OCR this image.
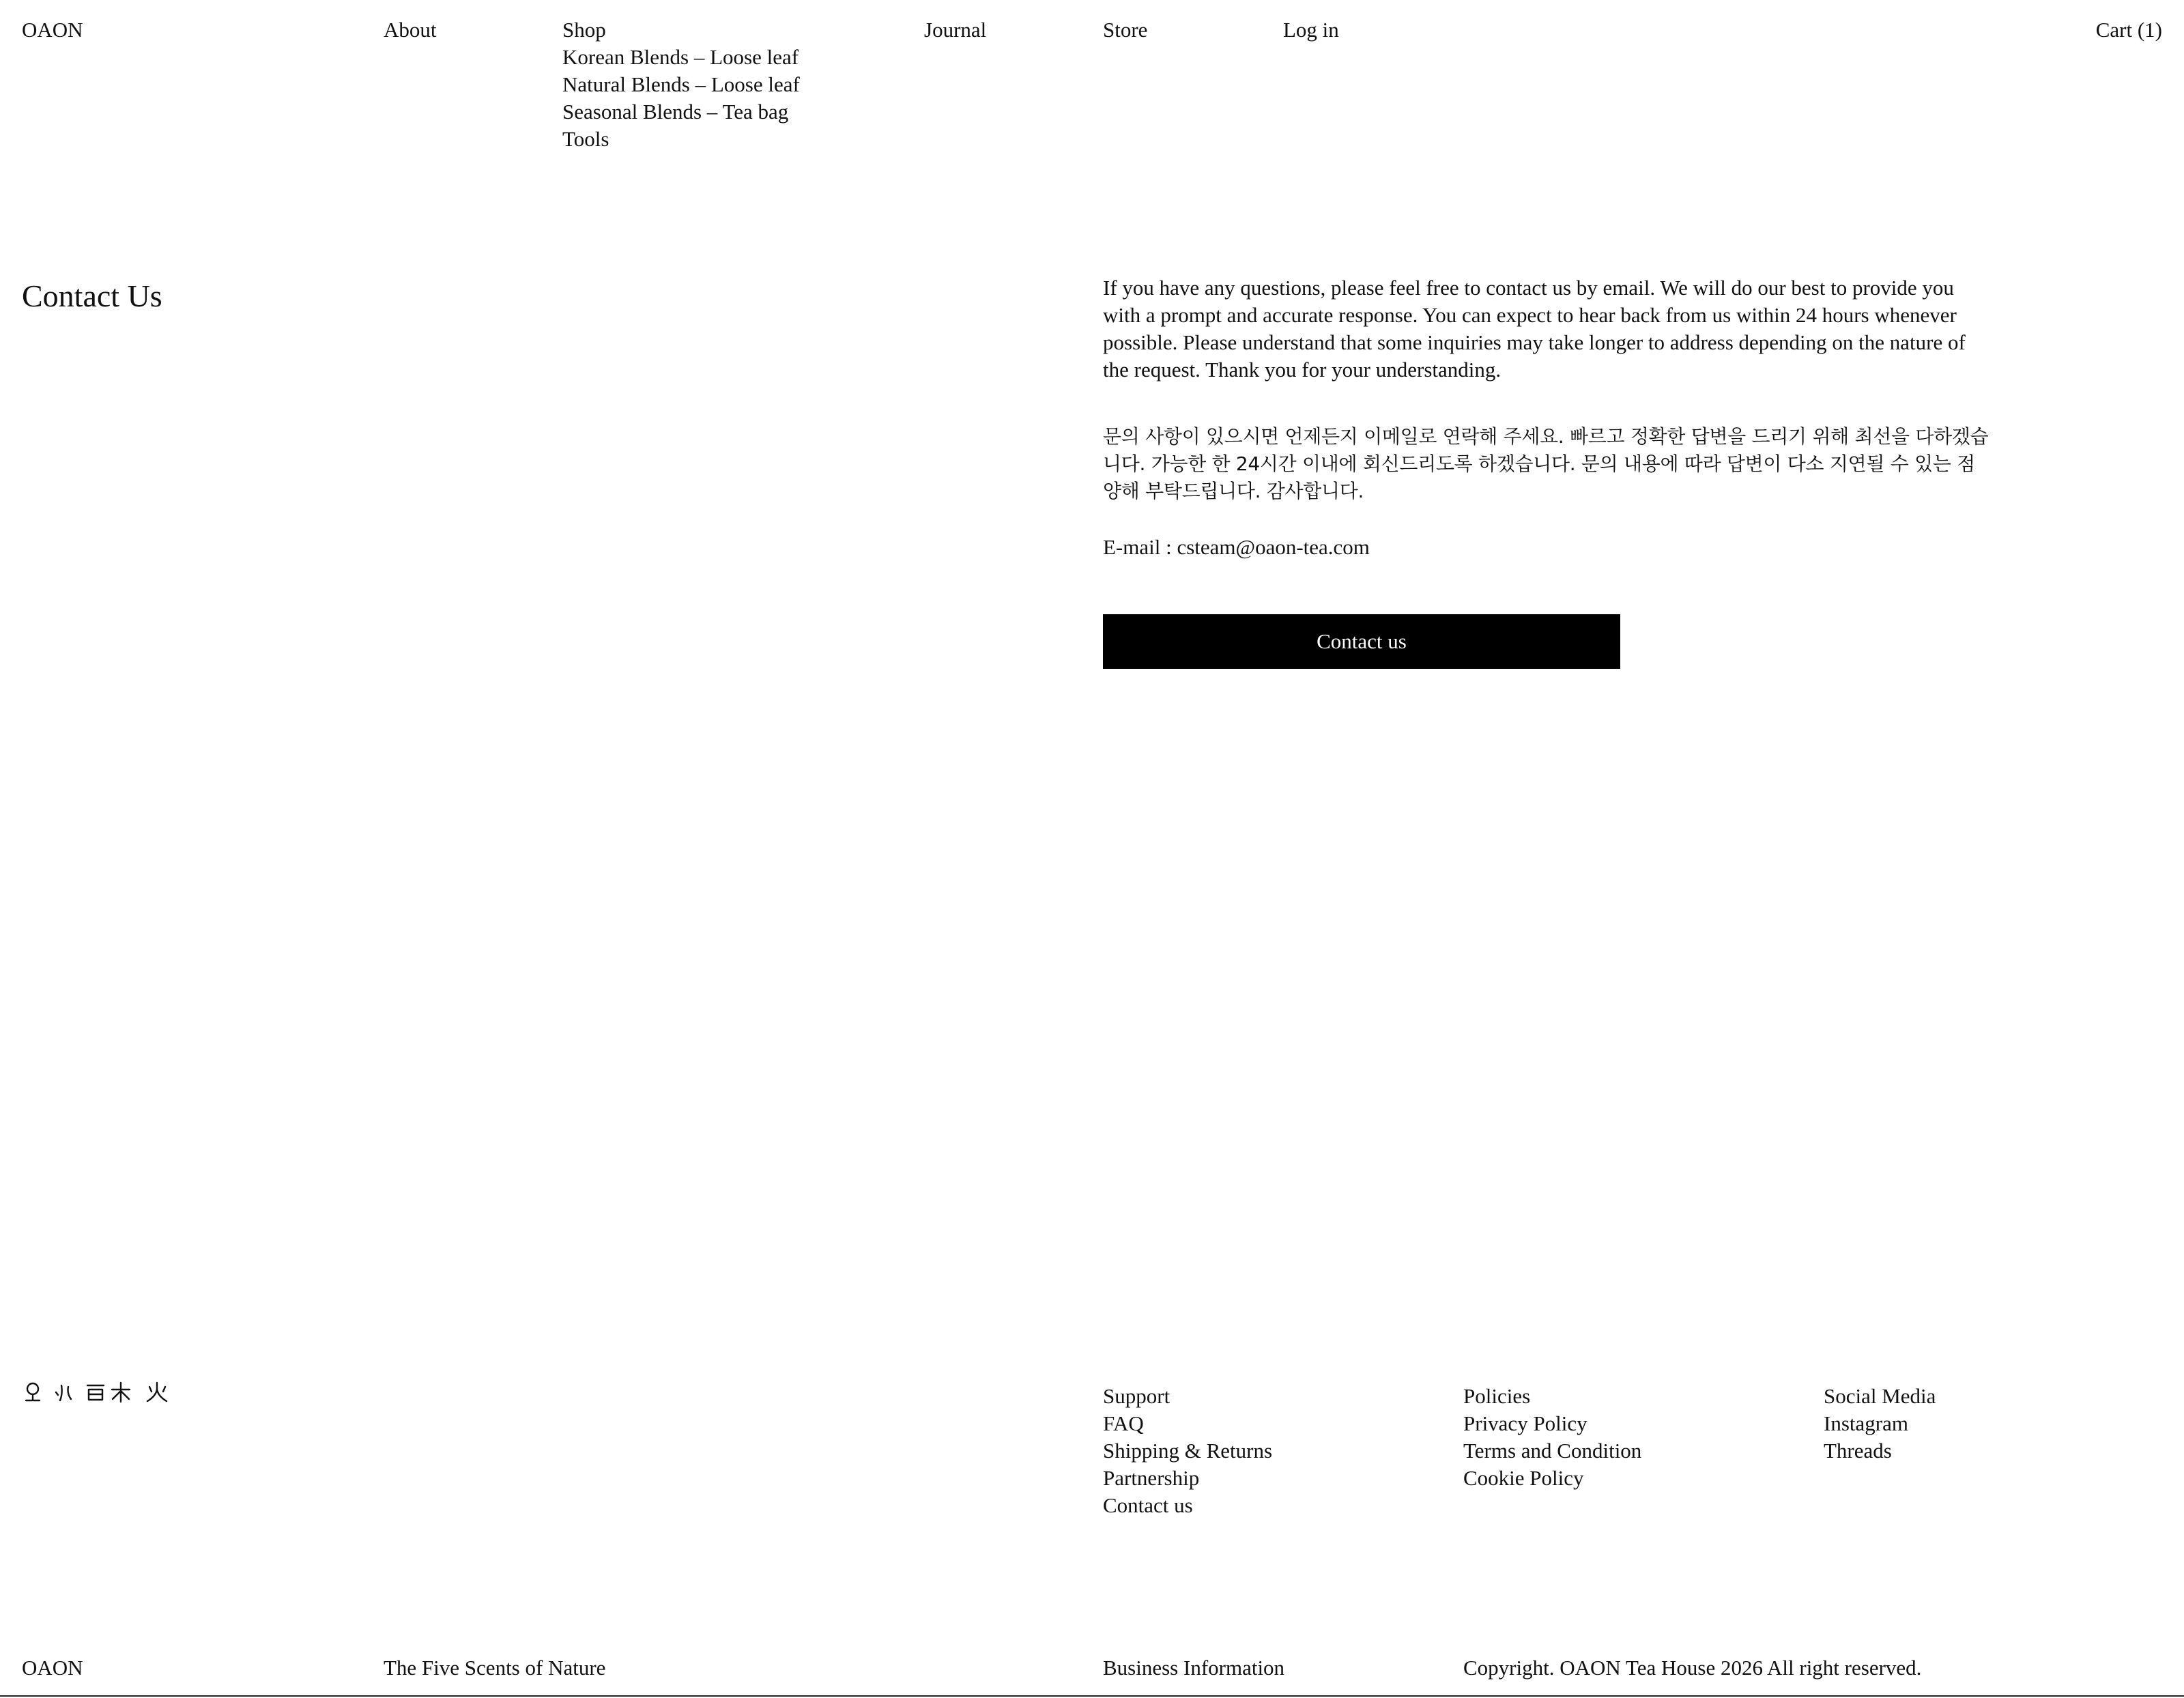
OAON	About	Shop
Korean Blends – Loose leaf
Natural Blends – Loose leaf
Seasonal Blends – Tea bag
Tools
Journal	Store	Log in	Cart (1)
Contact Us	If you have any questions, please feel free to contact us by email. We will do our best to provide you with a prompt and accurate response. You can expect to hear back from us within 24 hours whenever possible. Please understand that some inquiries may take longer to address depending on the nature of the request. Thank you for your understanding.

문의 사항이 있으시면 언제든지 이메일로 연락해 주세요. 빠르고 정확한 답변을 드리기 위해 최선을 다하겠습니다. 가능한 한 24시간 이내에 회신드리도록 하겠습니다. 문의 내용에 따라 답변이 다소 지연될 수 있는 점 양해 부탁드립니다. 감사합니다.

E-mail : csteam@oaon-tea.com
Contact us
Support
FAQ
Shipping & Returns
Partnership
Contact us
Policies
Privacy Policy
Terms and Condition
Cookie Policy
Social Media
Instagram
Threads
OAON	The Five Scents of Nature	Business Information	Copyright. OAON Tea House 2026 All right reserved.
